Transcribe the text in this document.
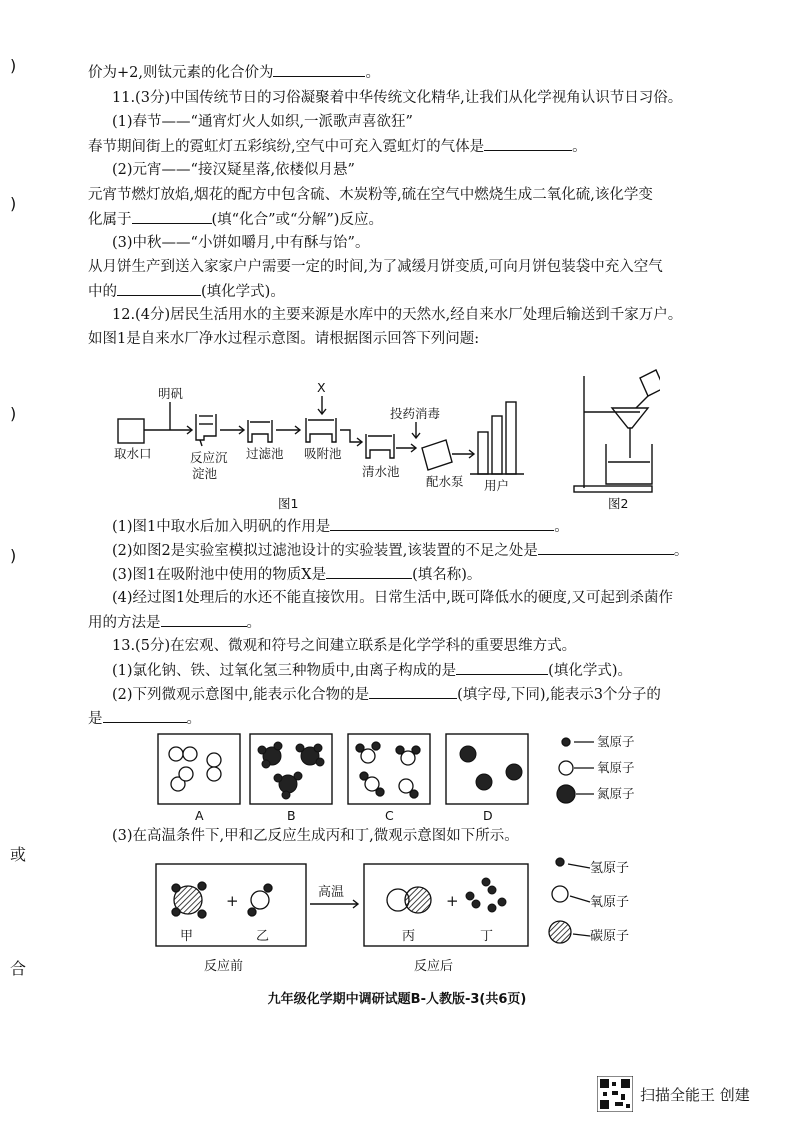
)
)
)
)
或
合
价为+2,则钛元素的化合价为	。
11.(3分)中国传统节日的习俗凝聚着中华传统文化精华,让我们从化学视角认识节日习俗。
(1)春节——“通宵灯火人如织,一派歌声喜欲狂”
春节期间街上的霓虹灯五彩缤纷,空气中可充入霓虹灯的气体是	。
(2)元宵——“接汉疑星落,依楼似月悬”
元宵节燃灯放焰,烟花的配方中包含硫、木炭粉等,硫在空气中燃烧生成二氧化硫,该化学变
化属于	(填“化合”或“分解”)反应。
(3)中秋——“小饼如嚼月,中有酥与饴”。
从月饼生产到送入家家户户需要一定的时间,为了减缓月饼变质,可向月饼包装袋中充入空气
中的	(填化学式)。
12.(4分)居民生活用水的主要来源是水库中的天然水,经自来水厂处理后输送到千家万户。
如图1是自来水厂净水过程示意图。请根据图示回答下列问题:
取水口
明矾
反应沉
淀池
过滤池
X
吸附池
投药消毒
清水池
配水泵 用户
图1	图2
(1)图1中取水后加入明矾的作用是	。
(2)如图2是实验室模拟过滤池设计的实验装置,该装置的不足之处是	。
(3)图1在吸附池中使用的物质X是	(填名称)。
(4)经过图1处理后的水还不能直接饮用。日常生活中,既可降低水的硬度,又可起到杀菌作
用的方法是	。
13.(5分)在宏观、微观和符号之间建立联系是化学学科的重要思维方式。
(1)氯化钠、铁、过氧化氢三种物质中,由离子构成的是	(填化学式)。
(2)下列微观示意图中,能表示化合物的是	(填字母,下同),能表示3个分子的
是	。
氢原子
氧原子
氮原子
A	B	C	D
(3)在高温条件下,甲和乙反应生成丙和丁,微观示意图如下所示。
氢原子
氧原子
碳原子
+	+
高温
甲	乙	丙	丁
反应前	反应后
九年级化学期中调研试题B-人教版-3(共6页)
扫描全能王 创建
